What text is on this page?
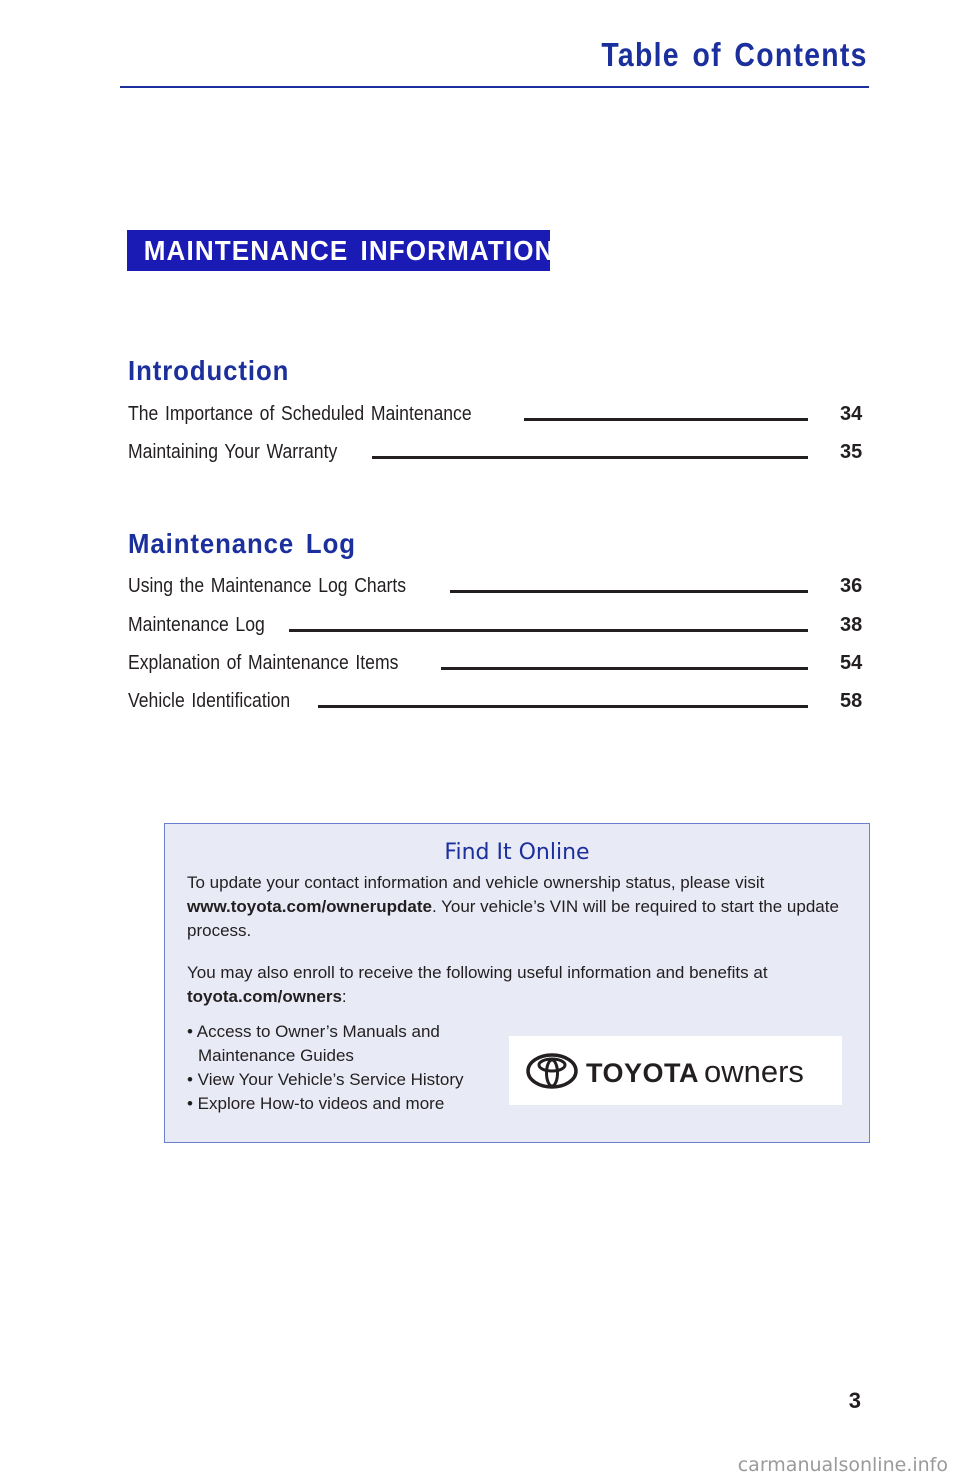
Table of Contents
MAINTENANCE INFORMATION
Introduction
The Importance of Scheduled Maintenance	34
Maintaining Your Warranty	35
Maintenance Log
Using the Maintenance Log Charts	36
Maintenance Log	38
Explanation of Maintenance Items	54
Vehicle Identification	58
Find It Online

To update your contact information and vehicle ownership status, please visit www.toyota.com/ownerupdate. Your vehicle’s VIN will be required to start the update process.

You may also enroll to receive the following useful information and benefits at toyota.com/owners:

• Access to Owner’s Manuals and Maintenance Guides
• View Your Vehicle’s Service History
• Explore How-to videos and more
TOYOTA owners
3
carmanualsonline.info
